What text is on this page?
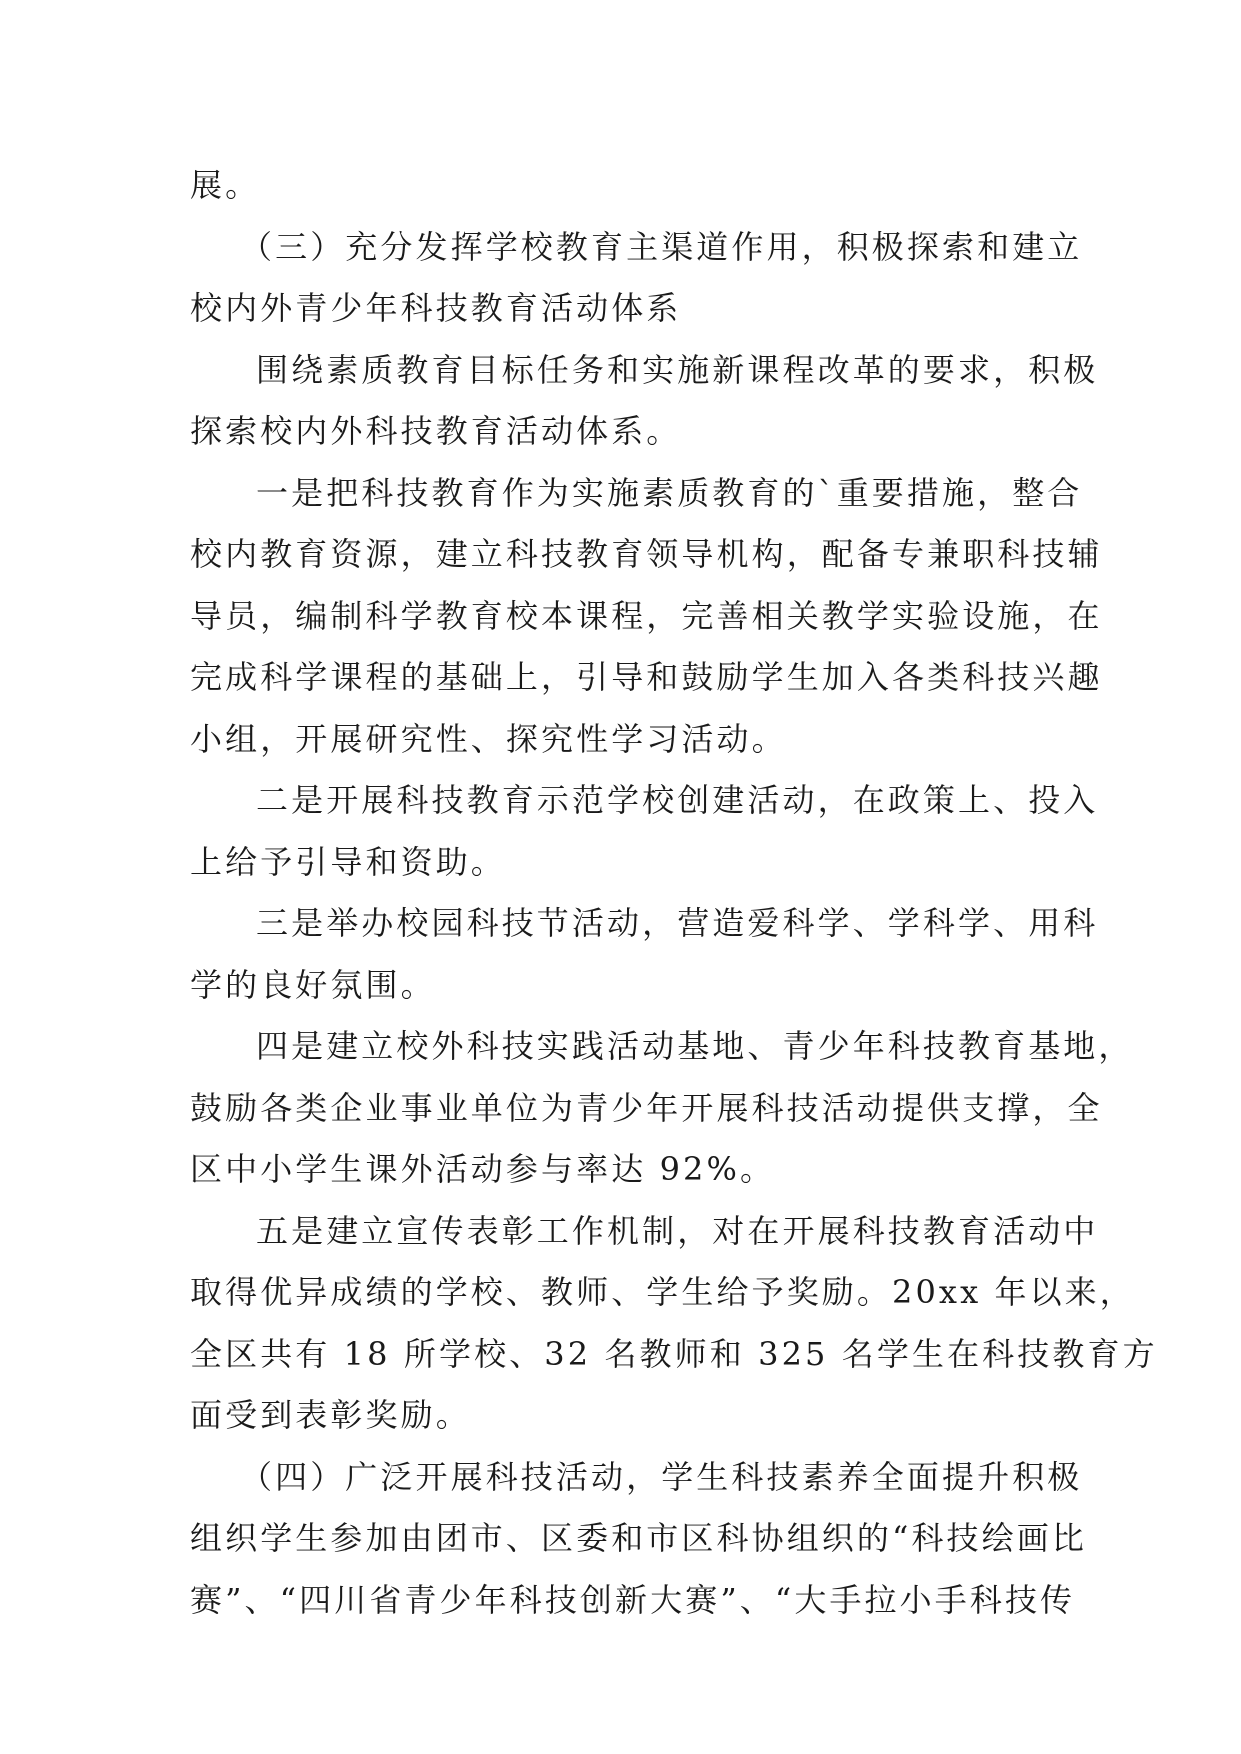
展。

（三）充分发挥学校教育主渠道作用，积极探索和建立
校内外青少年科技教育活动体系

围绕素质教育目标任务和实施新课程改革的要求，积极
探索校内外科技教育活动体系。

一是把科技教育作为实施素质教育的`重要措施，整合
校内教育资源，建立科技教育领导机构，配备专兼职科技辅
导员，编制科学教育校本课程，完善相关教学实验设施，在
完成科学课程的基础上，引导和鼓励学生加入各类科技兴趣
小组，开展研究性、探究性学习活动。

二是开展科技教育示范学校创建活动，在政策上、投入
上给予引导和资助。

三是举办校园科技节活动，营造爱科学、学科学、用科
学的良好氛围。

四是建立校外科技实践活动基地、青少年科技教育基地，
鼓励各类企业事业单位为青少年开展科技活动提供支撑，全
区中小学生课外活动参与率达 92%。

五是建立宣传表彰工作机制，对在开展科技教育活动中
取得优异成绩的学校、教师、学生给予奖励。20xx 年以来，
全区共有 18 所学校、32 名教师和 325 名学生在科技教育方
面受到表彰奖励。

（四）广泛开展科技活动，学生科技素养全面提升积极
组织学生参加由团市、区委和市区科协组织的“科技绘画比
赛”、“四川省青少年科技创新大赛”、“大手拉小手科技传
